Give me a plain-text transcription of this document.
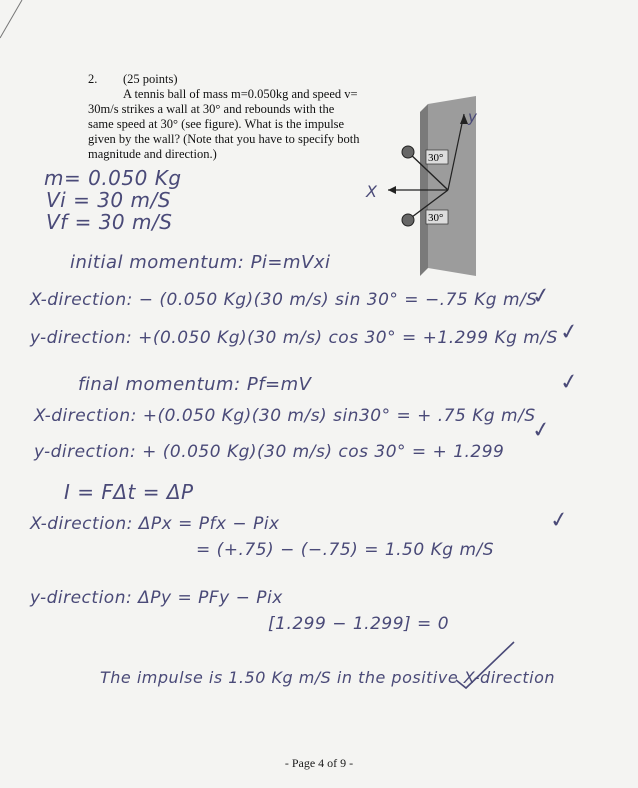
2. (25 points)
A tennis ball of mass m=0.050kg and speed v=
30m/s strikes a wall at 30° and rebounds with the
same speed at 30° (see figure). What is the impulse
given by the wall? (Note that you have to specify both
magnitude and direction.)	30°
30°
y
X
m= 0.050 Kg
Vi = 30 m/S
Vf = 30 m/S
initial momentum: Pi=mVxi
X-direction: − (0.050 Kg)(30 m/s) sin 30° = −.75 Kg m/S
✓
y-direction: +(0.050 Kg)(30 m/s) cos 30° = +1.299 Kg m/S ✓
final momentum: Pf=mV	✓
X-direction: +(0.050 Kg)(30 m/s) sin30° = + .75 Kg m/S
y-direction: + (0.050 Kg)(30 m/s) cos 30° = + 1.299
✓
I = FΔt = ΔP
X-direction: ΔPx = Pfx − Pix
= (+.75) − (−.75) = 1.50 Kg m/S
✓
y-direction: ΔPy = PFy − Pix
[1.299 − 1.299] = 0
The impulse is 1.50 Kg m/S in the positive X-direction
- Page 4 of 9 -
